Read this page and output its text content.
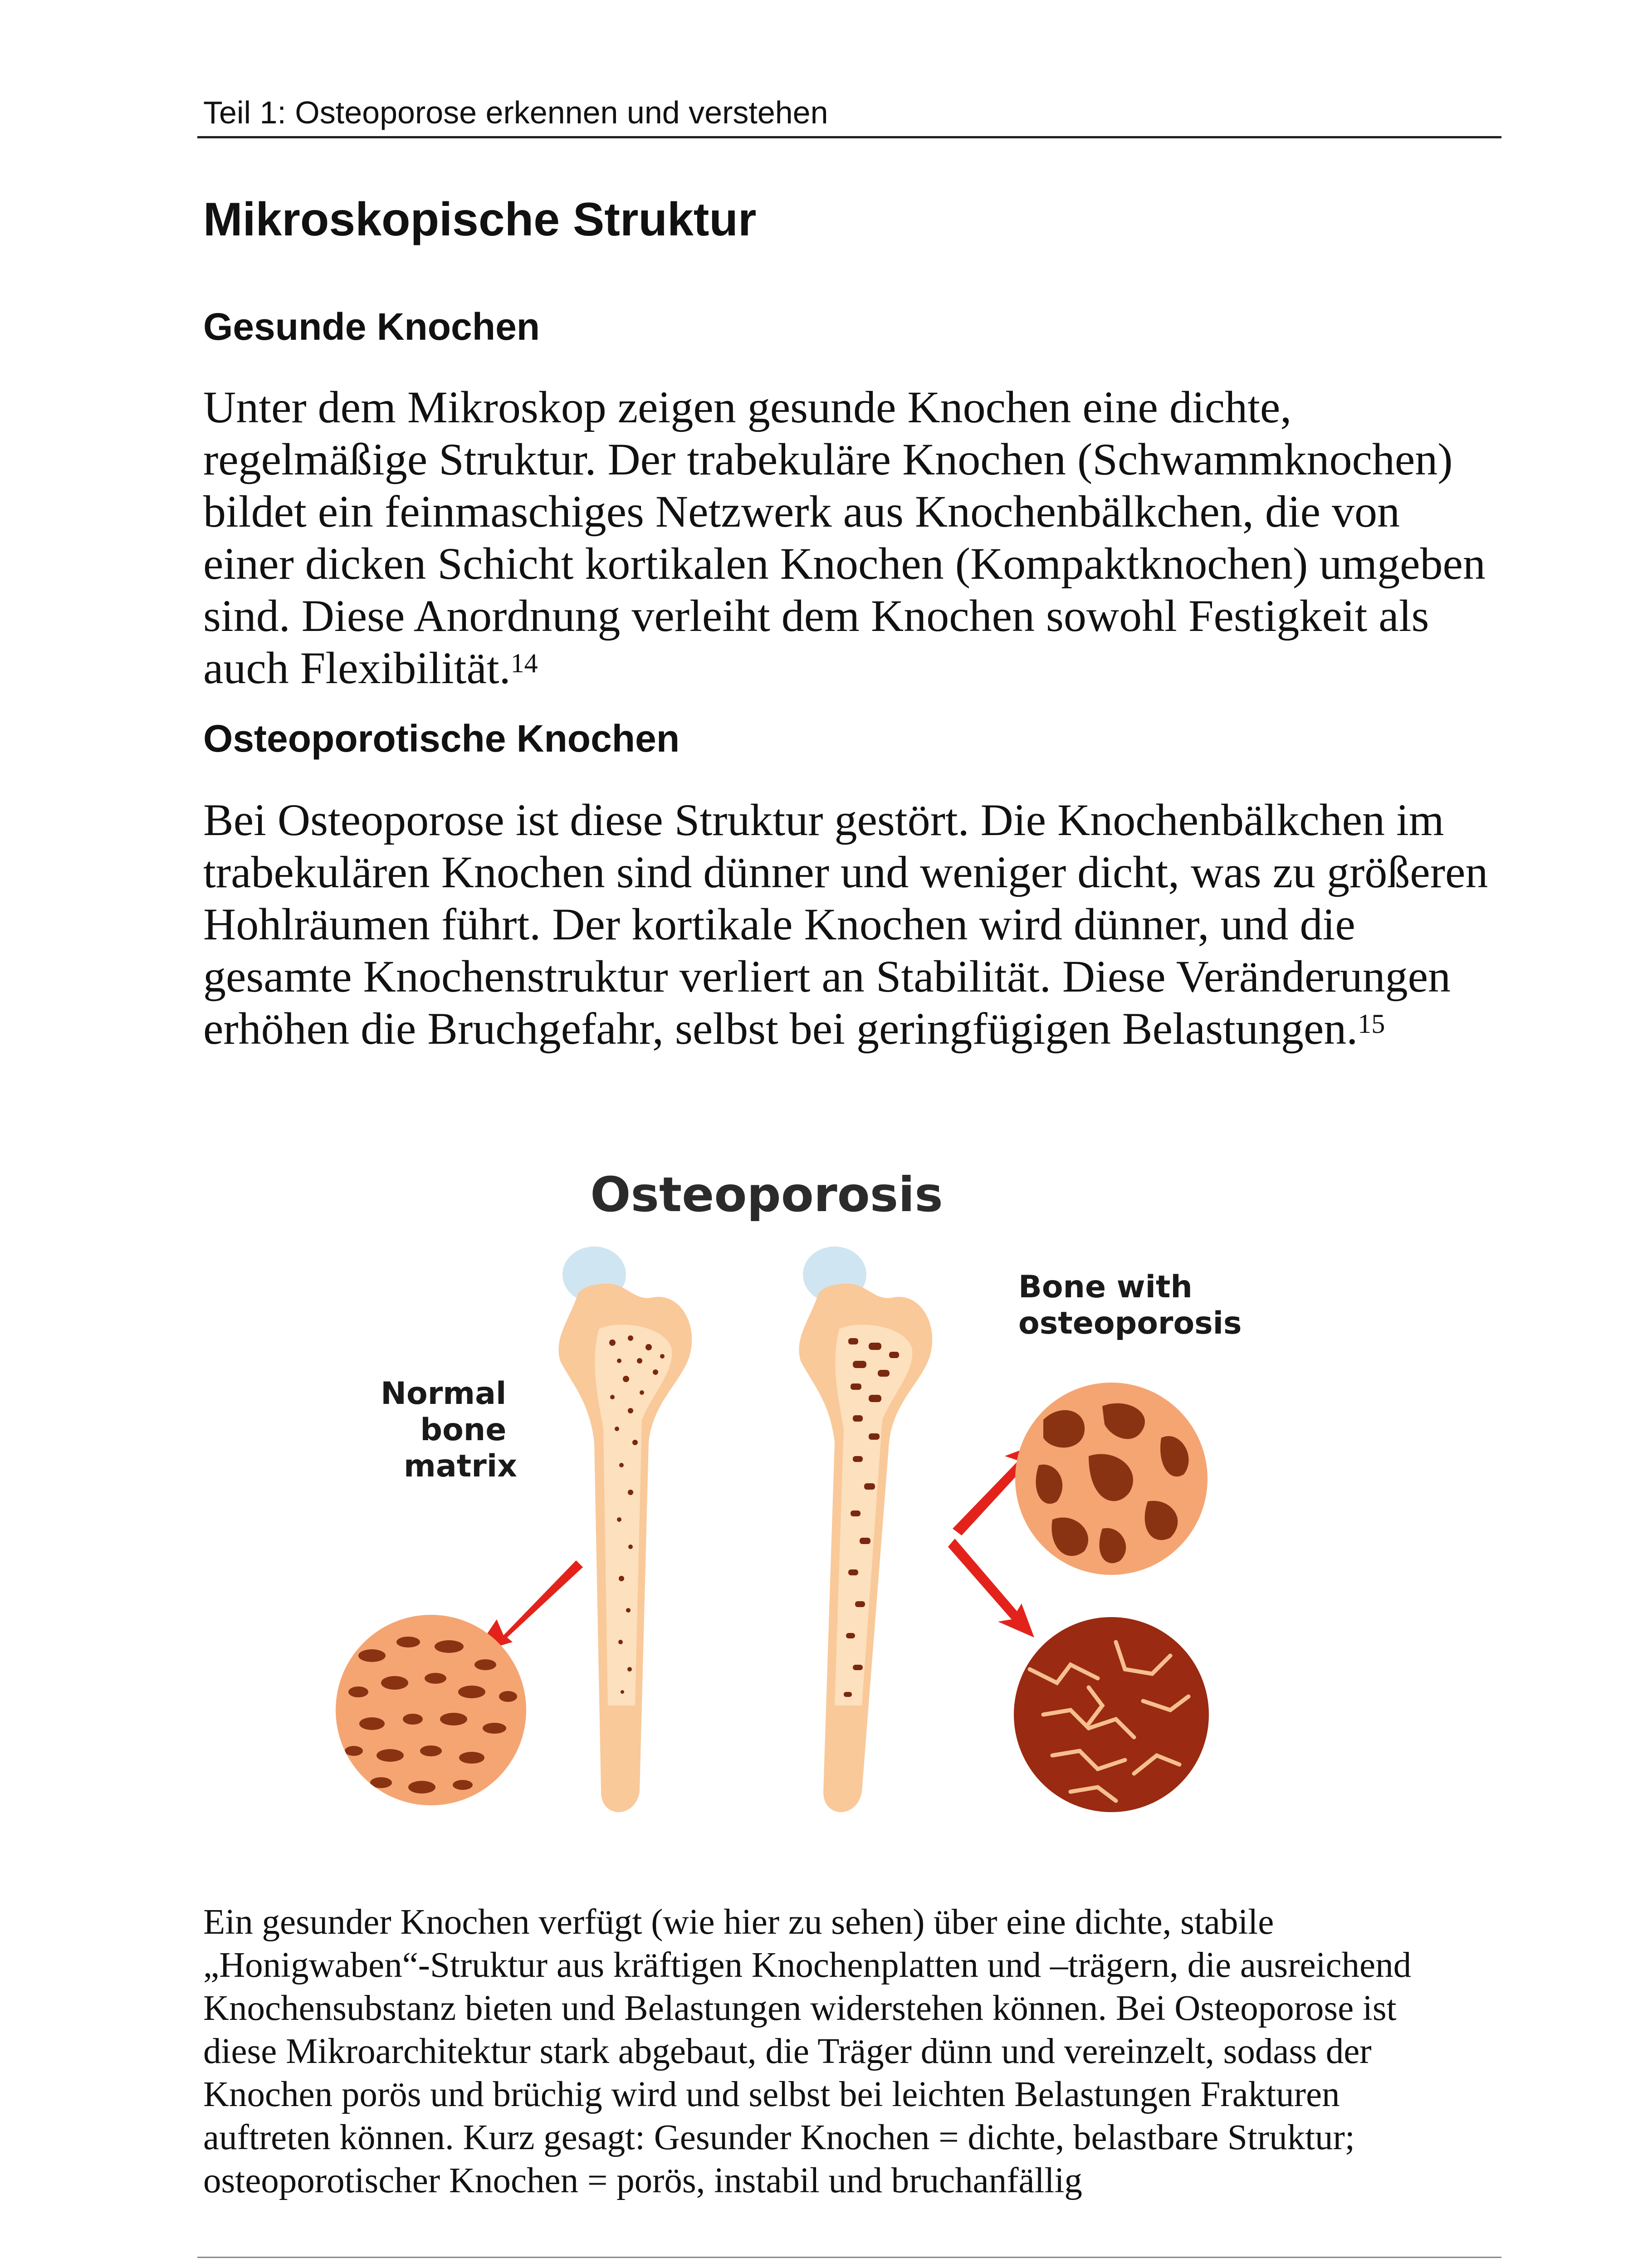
Teil 1: Osteoporose erkennen und verstehen
Mikroskopische Struktur
Gesunde Knochen
Unter dem Mikroskop zeigen gesunde Knochen eine dichte,
regelmäßige Struktur. Der trabekuläre Knochen (Schwammknochen)
bildet ein feinmaschiges Netzwerk aus Knochenbälkchen, die von
einer dicken Schicht kortikalen Knochen (Kompaktknochen) umgeben
sind. Diese Anordnung verleiht dem Knochen sowohl Festigkeit als
auch Flexibilität.$^{14}$
Osteoporotische Knochen
Bei Osteoporose ist diese Struktur gestört. Die Knochenbälkchen im
trabekulären Knochen sind dünner und weniger dicht, was zu größeren
Hohlräumen führt. Der kortikale Knochen wird dünner, und die
gesamte Knochenstruktur verliert an Stabilität. Diese Veränderungen
erhöhen die Bruchgefahr, selbst bei geringfügigen Belastungen.$^{15}$
Osteoporosis
Normal bone matrix
Bone with osteoporosis
Ein gesunder Knochen verfügt (wie hier zu sehen) über eine dichte, stabile
„Honigwaben“-Struktur aus kräftigen Knochenplatten und –trägern, die ausreichend
Knochensubstanz bieten und Belastungen widerstehen können. Bei Osteoporose ist
diese Mikroarchitektur stark abgebaut, die Träger dünn und vereinzelt, sodass der
Knochen porös und brüchig wird und selbst bei leichten Belastungen Frakturen
auftreten können. Kurz gesagt: Gesunder Knochen = dichte, belastbare Struktur;
osteoporotischer Knochen = porös, instabil und bruchanfällig
